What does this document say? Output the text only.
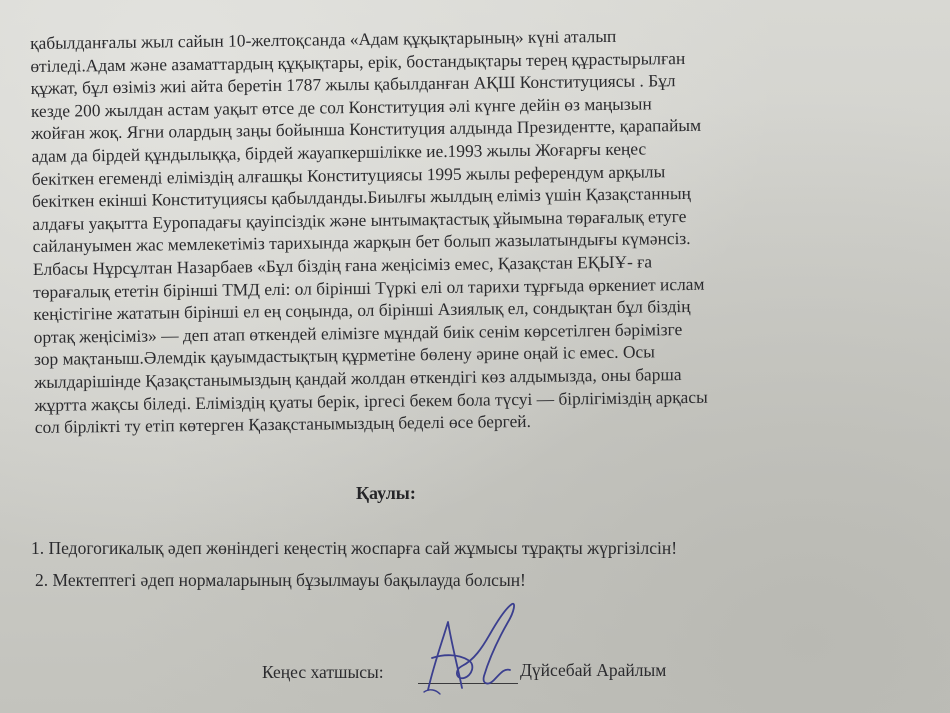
қабылданғалы жыл сайын 10-желтоқсанда «Адам құқықтарының» күні аталып
өтіледі.Адам және азаматтардың құқықтары, ерік, бостандықтары терең құрастырылған
құжат, бұл өзіміз жиі айта беретін 1787 жылы қабылданған АҚШ Конституциясы . Бұл
кезде 200 жылдан астам уақыт өтсе де сол Конституция әлі күнге дейін өз маңызын
жойған жоқ. Ягни олардың заңы бойынша Конституция алдында Президентте, қарапайым
адам да бірдей құндылыққа, бірдей жауапкершілікке ие.1993 жылы Жоғарғы кеңес
бекіткен егеменді еліміздің алғашқы Конституциясы 1995 жылы референдум арқылы
бекіткен екінші Конституциясы қабылданды.Биылғы жылдың еліміз үшін Қазақстанның
алдағы уақытта Еуропадағы қауіпсіздік және ынтымақтастық ұйымына төрағалық етуге
сайлануымен жас мемлекетіміз тарихында жарқын бет болып жазылатындығы күмәнсіз.
Елбасы Нұрсұлтан Назарбаев «Бұл біздің ғана жеңісіміз емес, Қазақстан ЕҚЫҰ- ға
төрағалық ететін бірінші ТМД елі: ол бірінші Түркі елі ол тарихи тұрғыда өркениет ислам
кеңістігіне жататын бірінші ел ең соңында, ол бірінші Азиялық ел, сондықтан бұл біздің
ортақ жеңісіміз» — деп атап өткендей елімізге мұндай биік сенім көрсетілген бәрімізге
зор мақтаныш.Әлемдік қауымдастықтың құрметіне бөлену әрине оңай іс емес. Осы
жылдарішінде Қазақстанымыздың қандай жолдан өткендігі көз алдымызда, оны барша
жұртта жақсы біледі. Еліміздің қуаты берік, іргесі бекем бола түсуі — бірлігіміздің арқасы
сол бірлікті ту етіп көтерген Қазақстанымыздың беделі өсе бергей.
Қаулы:
1. Педогогикалық әдеп жөніндегі кеңестің жоспарға сай жұмысы тұрақты жүргізілсін!
2. Мектептегі әдеп нормаларының бұзылмауы бақылауда болсын!
Кеңес хатшысы:	Дүйсебай Арайлым
